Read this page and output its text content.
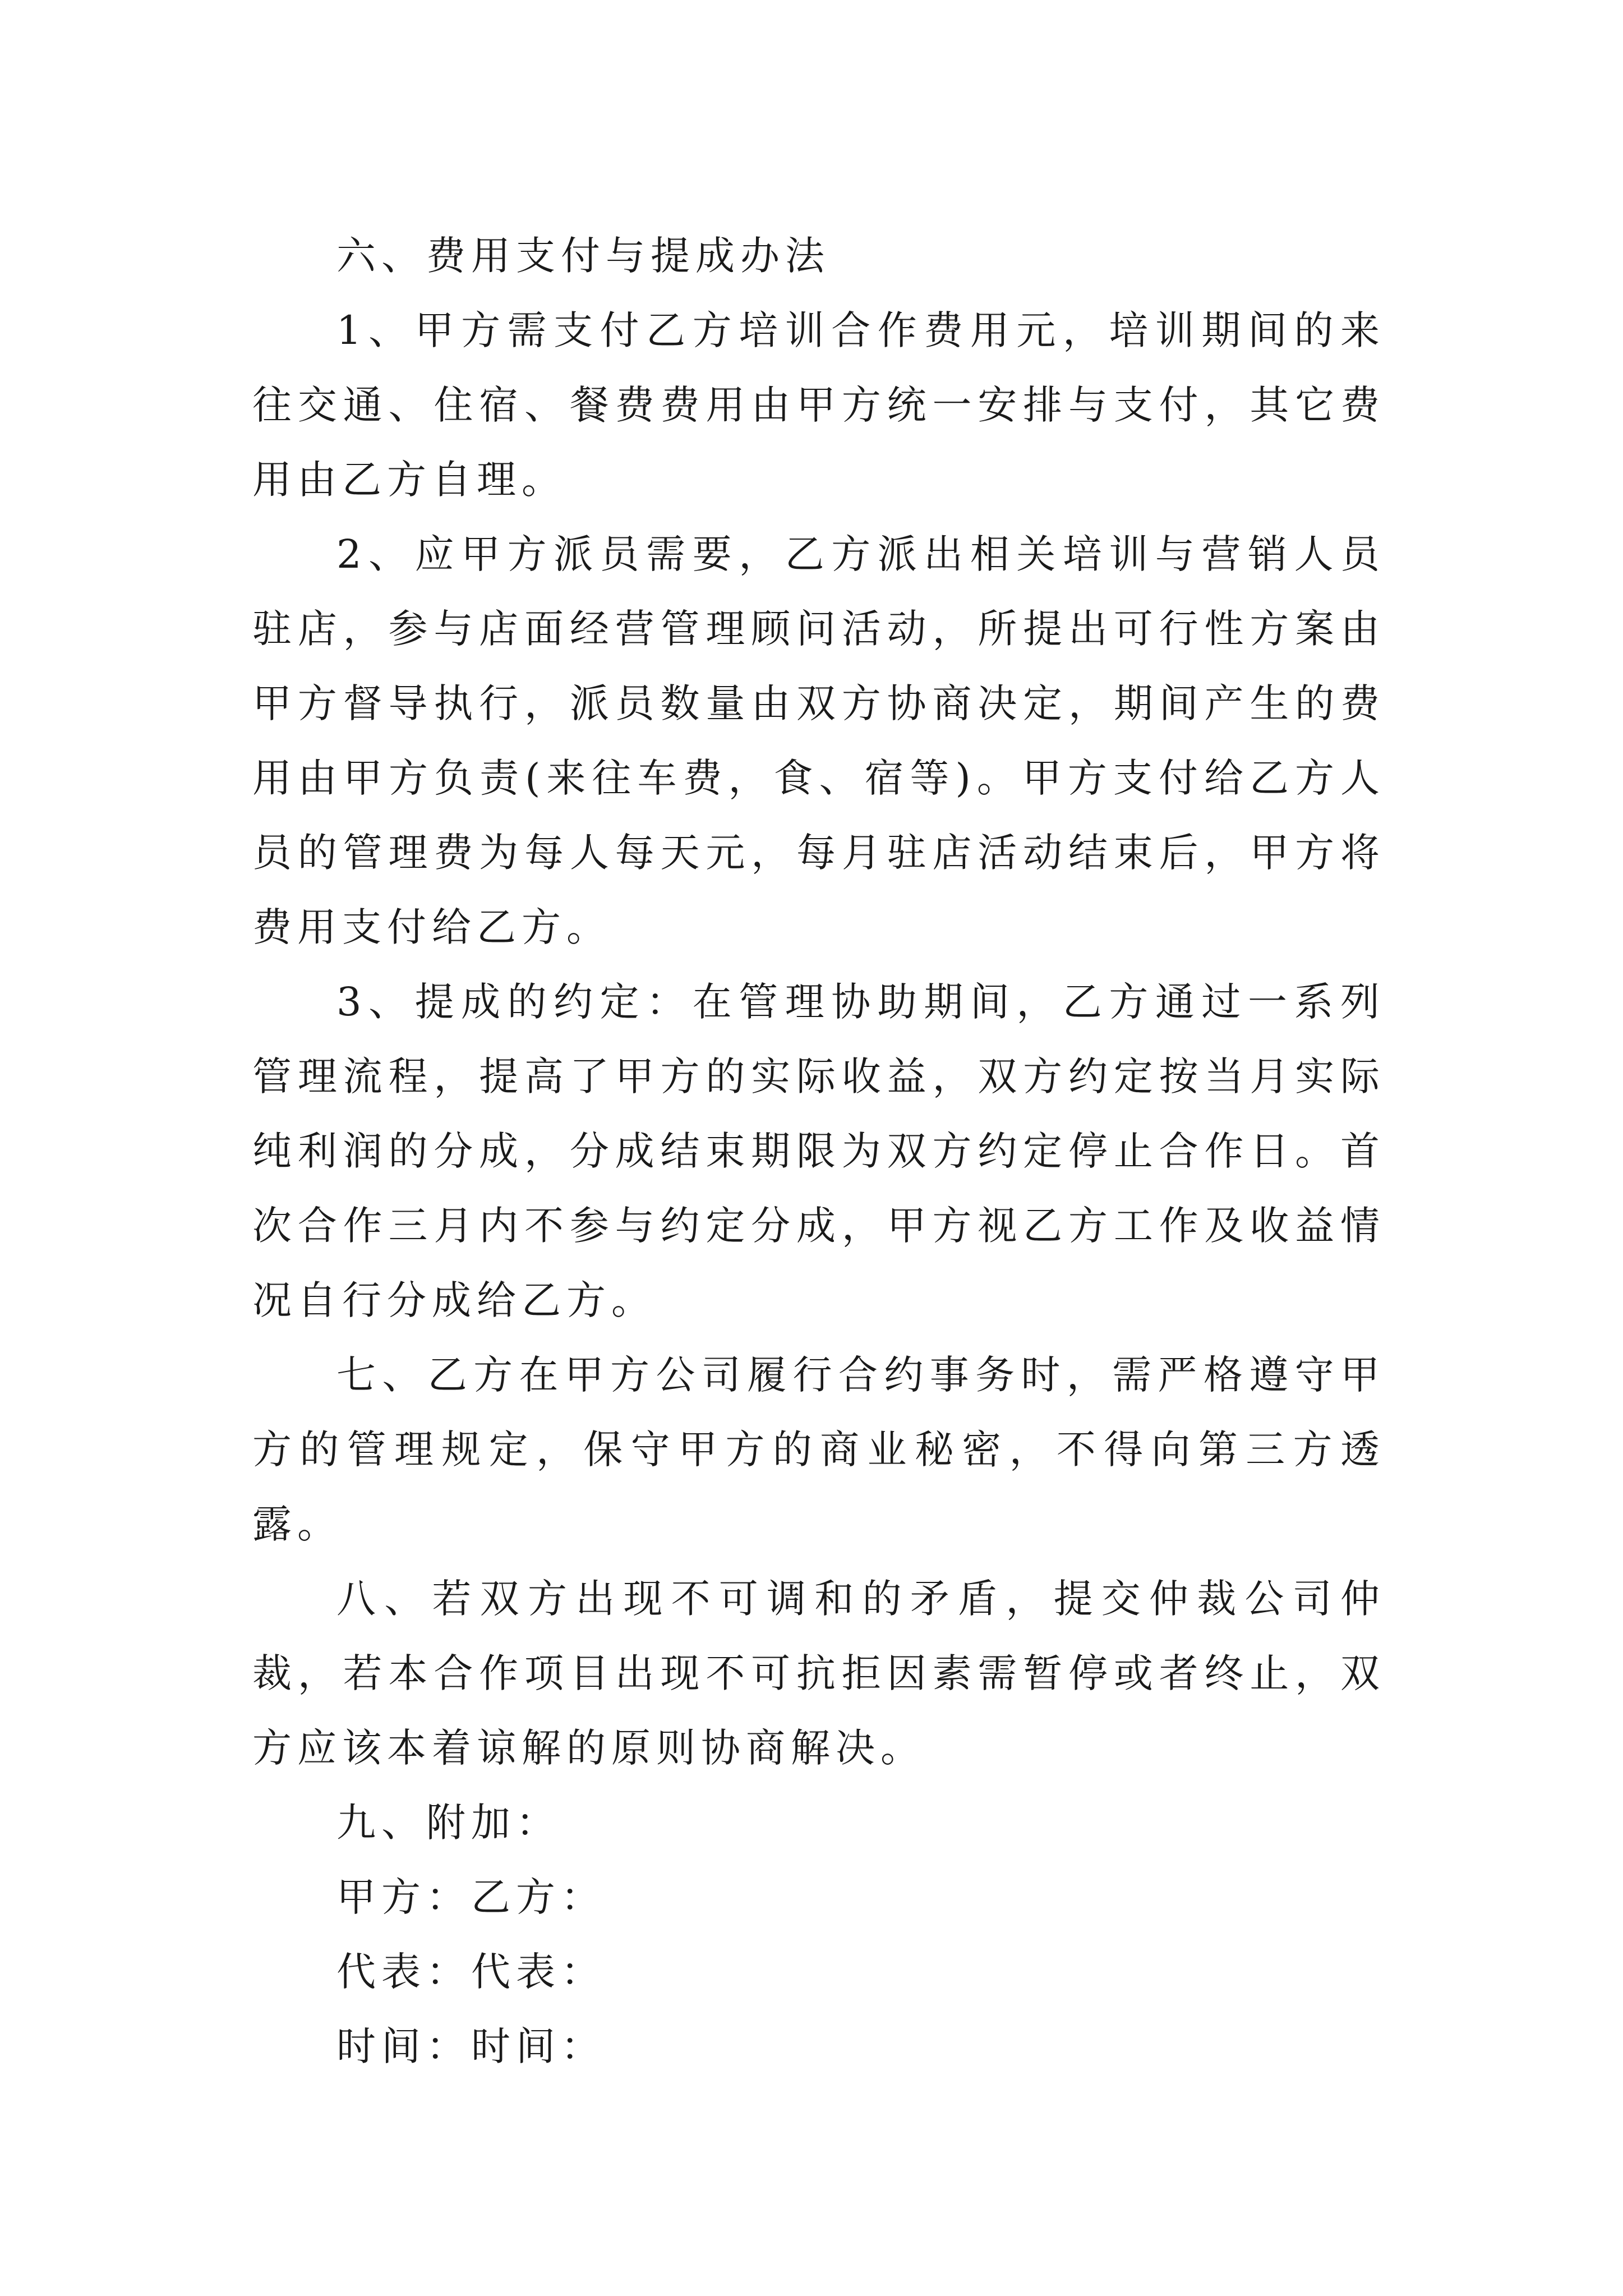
六、费用支付与提成办法

1、甲方需支付乙方培训合作费用元，培训期间的来往交通、住宿、餐费费用由甲方统一安排与支付，其它费用由乙方自理。

2、应甲方派员需要，乙方派出相关培训与营销人员驻店，参与店面经营管理顾问活动，所提出可行性方案由甲方督导执行，派员数量由双方协商决定，期间产生的费用由甲方负责(来往车费，食、宿等)。甲方支付给乙方人员的管理费为每人每天元，每月驻店活动结束后，甲方将费用支付给乙方。

3、提成的约定：在管理协助期间，乙方通过一系列管理流程，提高了甲方的实际收益，双方约定按当月实际纯利润的分成，分成结束期限为双方约定停止合作日。首次合作三月内不参与约定分成，甲方视乙方工作及收益情况自行分成给乙方。

七、乙方在甲方公司履行合约事务时，需严格遵守甲方的管理规定，保守甲方的商业秘密，不得向第三方透露。

八、若双方出现不可调和的矛盾，提交仲裁公司仲裁，若本合作项目出现不可抗拒因素需暂停或者终止，双方应该本着谅解的原则协商解决。

九、附加：

甲方：乙方：

代表：代表：

时间：时间：
